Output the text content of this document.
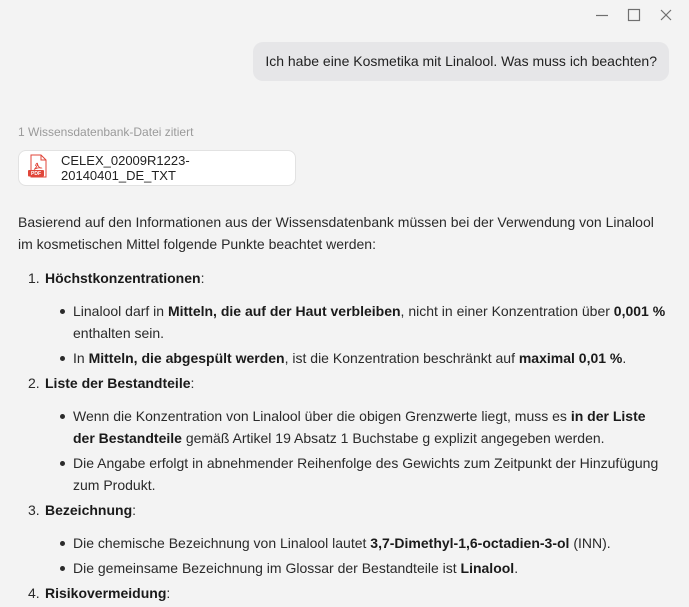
Ich habe eine Kosmetika mit Linalool. Was muss ich beachten?
1 Wissensdatenbank-Datei zitiert
PDF
CELEX_02009R1223-20140401_DE_TXT

Basierend auf den Informationen aus der Wissensdatenbank müssen bei der Verwendung von Linalool im kosmetischen Mittel folgende Punkte beachtet werden:

1. Höchstkonzentrationen:

Linalool darf in Mitteln, die auf der Haut verbleiben, nicht in einer Konzentration über 0,001 % enthalten sein.
In Mitteln, die abgespült werden, ist die Konzentration beschränkt auf maximal 0,01 %.
2. Liste der Bestandteile:

Wenn die Konzentration von Linalool über die obigen Grenzwerte liegt, muss es in der Liste der Bestandteile gemäß Artikel 19 Absatz 1 Buchstabe g explizit angegeben werden.
Die Angabe erfolgt in abnehmender Reihenfolge des Gewichts zum Zeitpunkt der Hinzufügung zum Produkt.
3. Bezeichnung:

Die chemische Bezeichnung von Linalool lautet 3,7-Dimethyl-1,6-octadien-3-ol (INN).
Die gemeinsame Bezeichnung im Glossar der Bestandteile ist Linalool.
4. Risikovermeidung:
